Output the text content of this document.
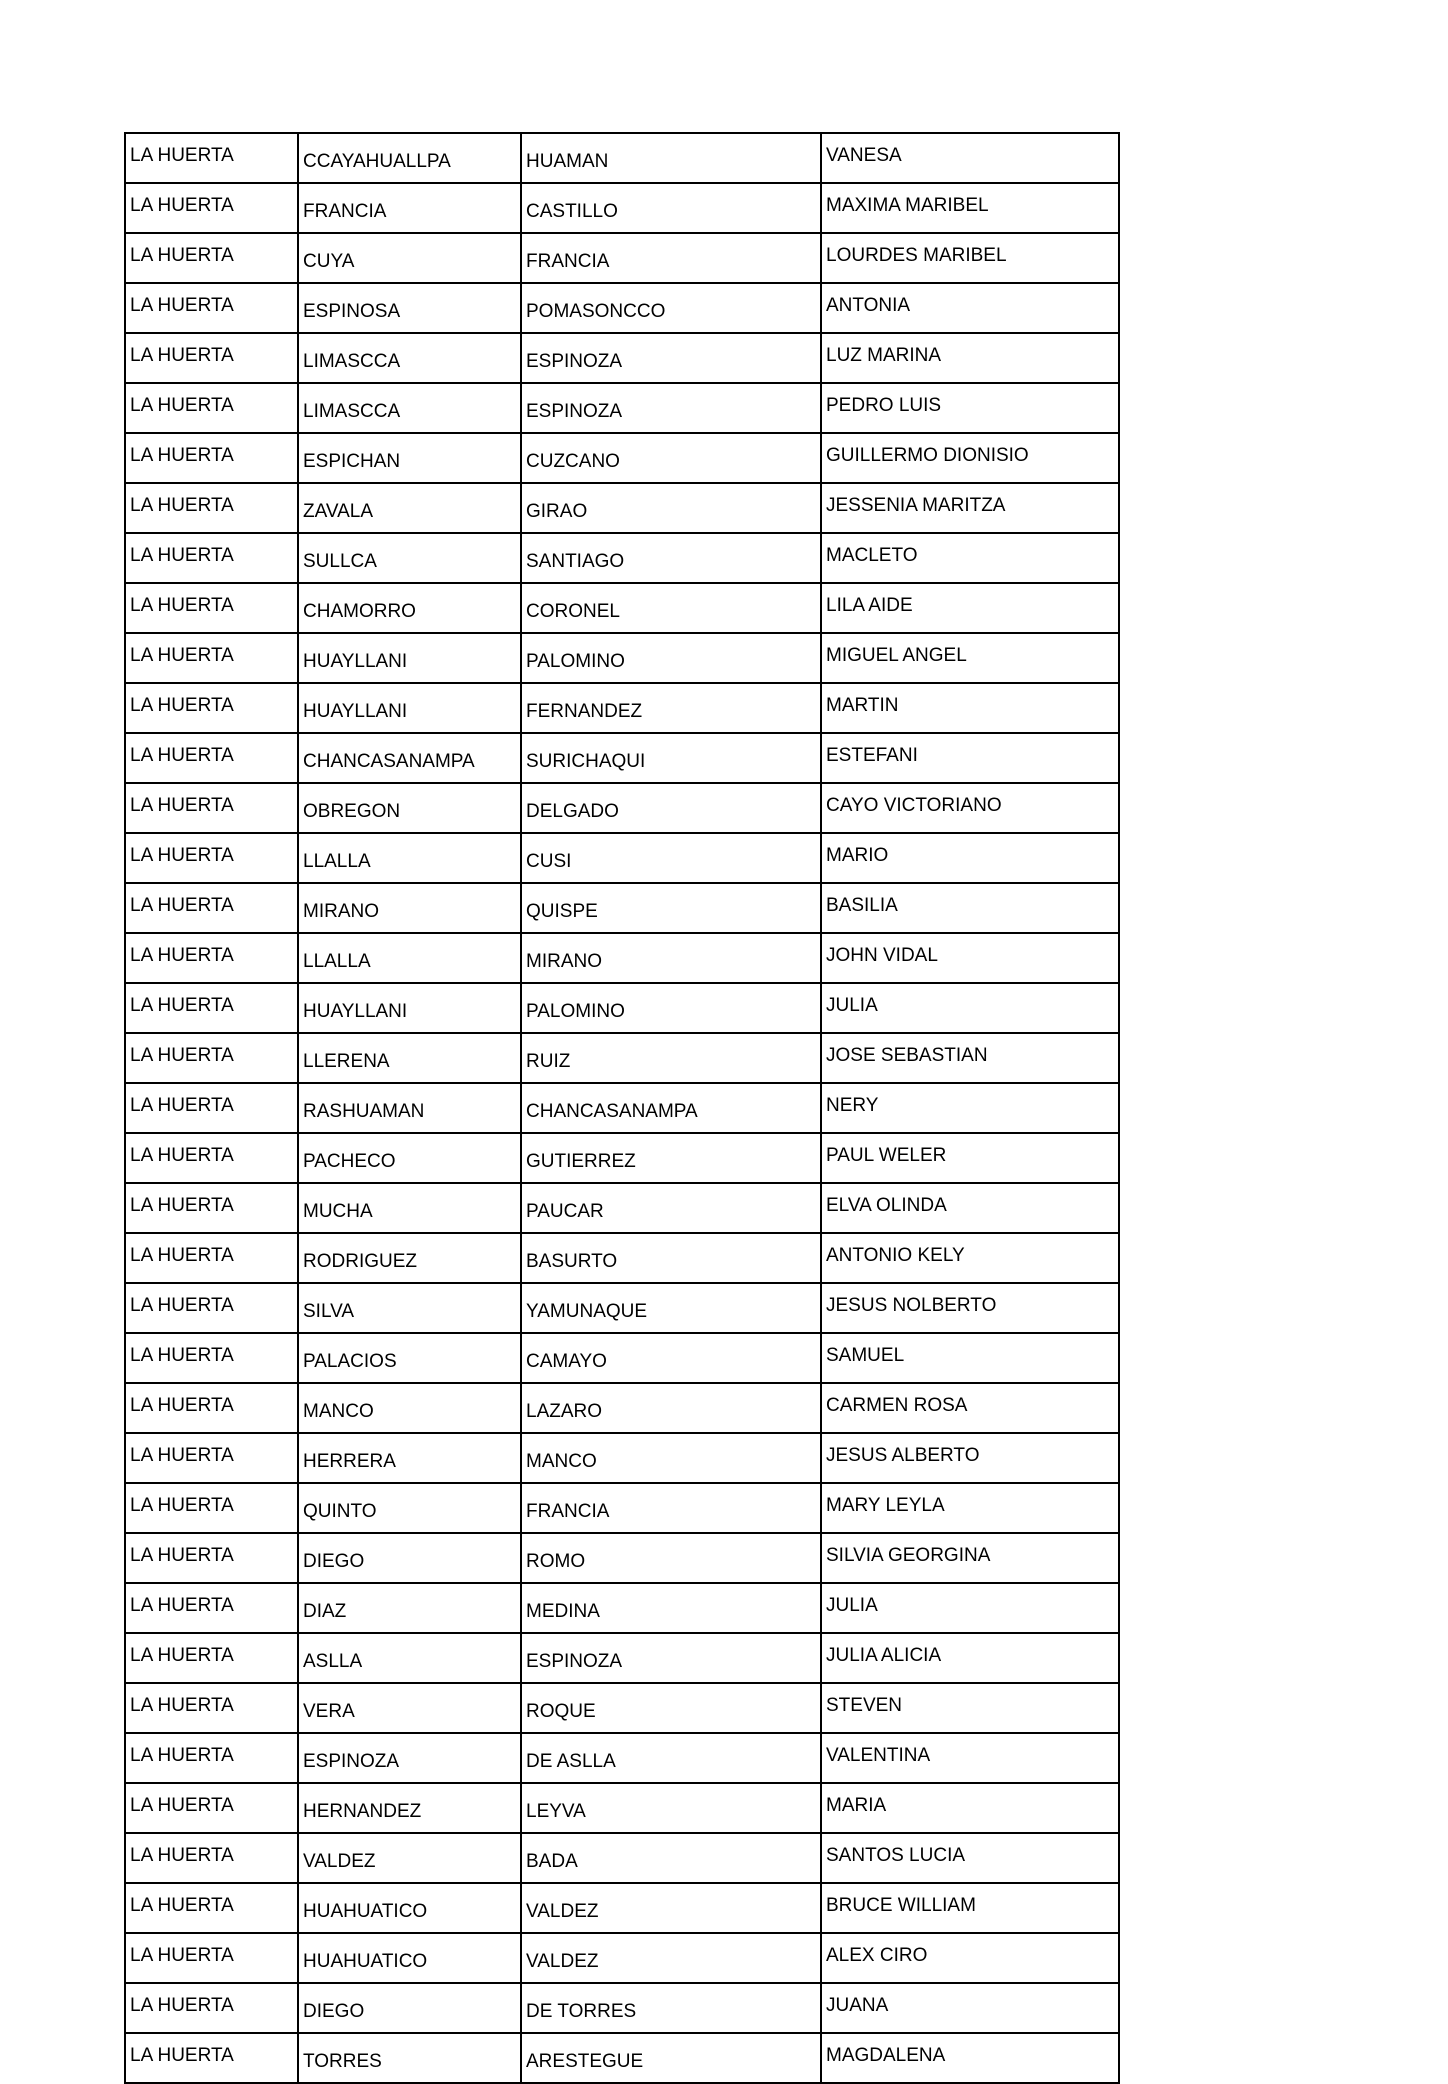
LA HUERTA	CCAYAHUALLPA	HUAMAN	VANESA
LA HUERTA	FRANCIA	CASTILLO	MAXIMA MARIBEL
LA HUERTA	CUYA	FRANCIA	LOURDES MARIBEL
LA HUERTA	ESPINOSA	POMASONCCO	ANTONIA
LA HUERTA	LIMASCCA	ESPINOZA	LUZ MARINA
LA HUERTA	LIMASCCA	ESPINOZA	PEDRO LUIS
LA HUERTA	ESPICHAN	CUZCANO	GUILLERMO DIONISIO
LA HUERTA	ZAVALA	GIRAO	JESSENIA MARITZA
LA HUERTA	SULLCA	SANTIAGO	MACLETO
LA HUERTA	CHAMORRO	CORONEL	LILA AIDE
LA HUERTA	HUAYLLANI	PALOMINO	MIGUEL ANGEL
LA HUERTA	HUAYLLANI	FERNANDEZ	MARTIN
LA HUERTA	CHANCASANAMPA	SURICHAQUI	ESTEFANI
LA HUERTA	OBREGON	DELGADO	CAYO VICTORIANO
LA HUERTA	LLALLA	CUSI	MARIO
LA HUERTA	MIRANO	QUISPE	BASILIA
LA HUERTA	LLALLA	MIRANO	JOHN VIDAL
LA HUERTA	HUAYLLANI	PALOMINO	JULIA
LA HUERTA	LLERENA	RUIZ	JOSE SEBASTIAN
LA HUERTA	RASHUAMAN	CHANCASANAMPA	NERY
LA HUERTA	PACHECO	GUTIERREZ	PAUL WELER
LA HUERTA	MUCHA	PAUCAR	ELVA OLINDA
LA HUERTA	RODRIGUEZ	BASURTO	ANTONIO KELY
LA HUERTA	SILVA	YAMUNAQUE	JESUS NOLBERTO
LA HUERTA	PALACIOS	CAMAYO	SAMUEL
LA HUERTA	MANCO	LAZARO	CARMEN ROSA
LA HUERTA	HERRERA	MANCO	JESUS ALBERTO
LA HUERTA	QUINTO	FRANCIA	MARY LEYLA
LA HUERTA	DIEGO	ROMO	SILVIA GEORGINA
LA HUERTA	DIAZ	MEDINA	JULIA
LA HUERTA	ASLLA	ESPINOZA	JULIA ALICIA
LA HUERTA	VERA	ROQUE	STEVEN
LA HUERTA	ESPINOZA	DE ASLLA	VALENTINA
LA HUERTA	HERNANDEZ	LEYVA	MARIA
LA HUERTA	VALDEZ	BADA	SANTOS LUCIA
LA HUERTA	HUAHUATICO	VALDEZ	BRUCE WILLIAM
LA HUERTA	HUAHUATICO	VALDEZ	ALEX CIRO
LA HUERTA	DIEGO	DE TORRES	JUANA
LA HUERTA	TORRES	ARESTEGUE	MAGDALENA
